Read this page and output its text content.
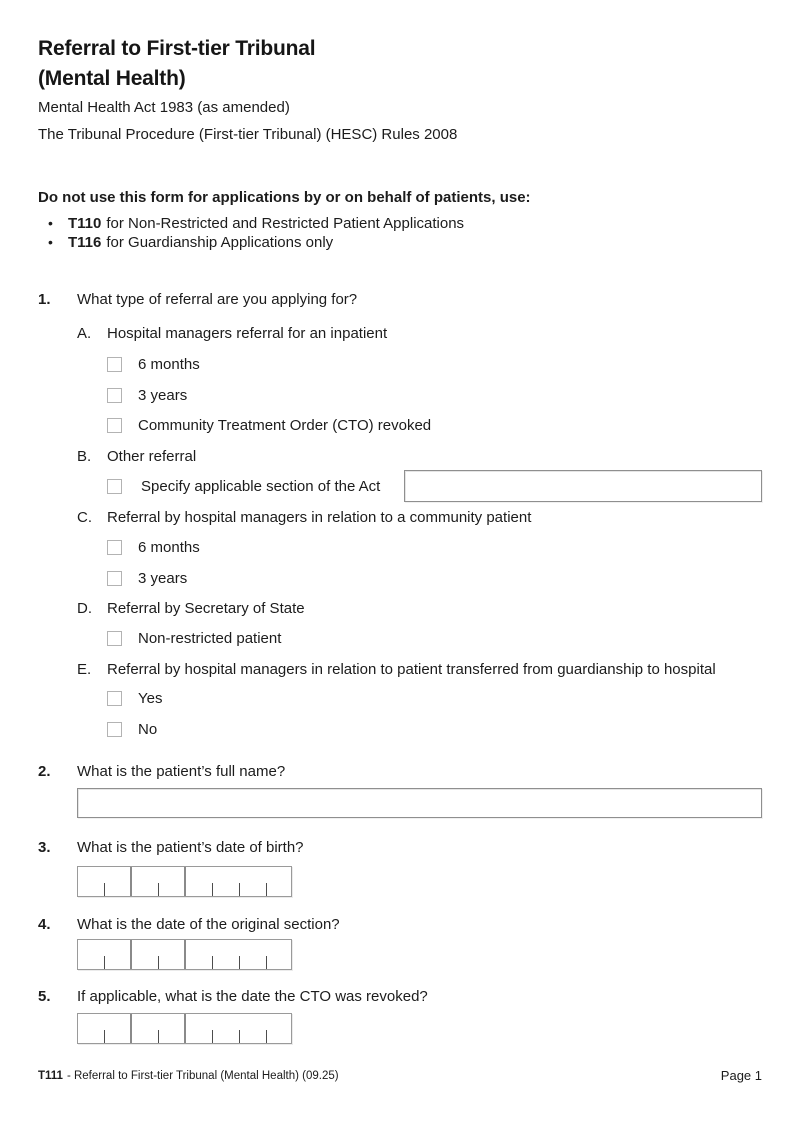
Referral to First-tier Tribunal
(Mental Health)
Mental Health Act 1983 (as amended)
The Tribunal Procedure (First-tier Tribunal) (HESC) Rules 2008
Do not use this form for applications by or on behalf of patients, use:
•	T110 for Non-Restricted and Restricted Patient Applications
•	T116 for Guardianship Applications only
1.	What type of referral are you applying for?
A.	Hospital managers referral for an inpatient
6 months
3 years
Community Treatment Order (CTO) revoked
B.	Other referral
Specify applicable section of the Act
C.	Referral by hospital managers in relation to a community patient
6 months
3 years
D.	Referral by Secretary of State
Non-restricted patient
E.	Referral by hospital managers in relation to patient transferred from guardianship to hospital
Yes
No
2.	What is the patient’s full name?
3.	What is the patient’s date of birth?
4.	What is the date of the original section?
5.	If applicable, what is the date the CTO was revoked?
T111 - Referral to First-tier Tribunal (Mental Health) (09.25)	Page 1
